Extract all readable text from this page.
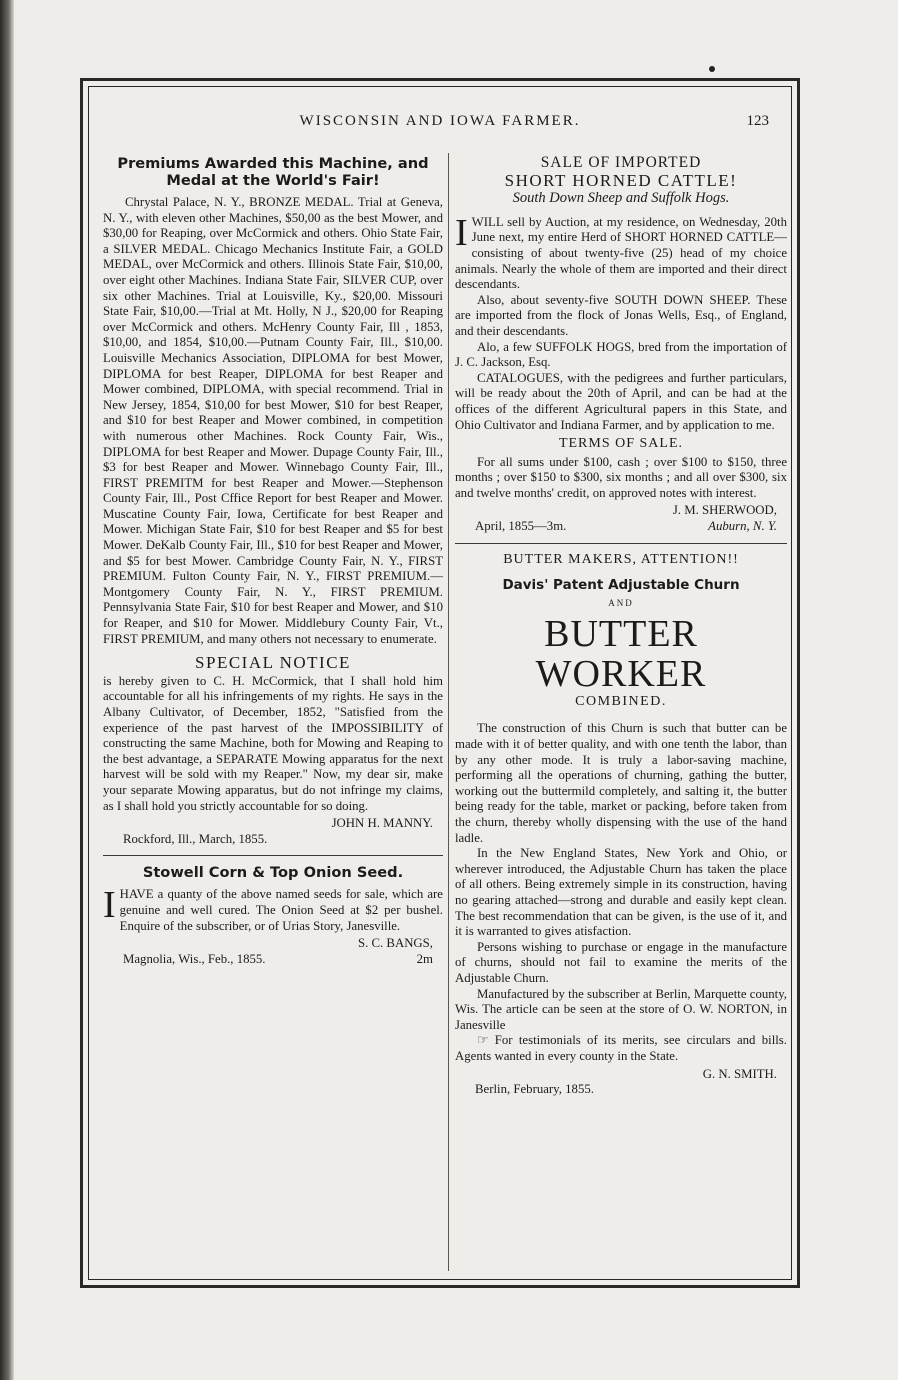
WISCONSIN AND IOWA FARMER.	123
Premiums Awarded this Machine, and Medal at the World's Fair!

Chrystal Palace, N. Y., BRONZE MEDAL. Trial at Geneva, N. Y., with eleven other Machines, $50,00 as the best Mower, and $30,00 for Reaping, over McCormick and others. Ohio State Fair, a SILVER MEDAL. Chicago Mechanics Institute Fair, a GOLD MEDAL, over McCormick and others. Illinois State Fair, $10,00, over eight other Machines. Indiana State Fair, SILVER CUP, over six other Machines. Trial at Louisville, Ky., $20,00. Missouri State Fair, $10,00.—Trial at Mt. Holly, N J., $20,00 for Reaping over McCormick and others. McHenry County Fair, Ill , 1853, $10,00, and 1854, $10,00.—Putnam County Fair, Ill., $10,00. Louisville Mechanics Association, DIPLOMA for best Mower, DIPLOMA for best Reaper, DIPLOMA for best Reaper and Mower combined, DIPLOMA, with special recommend. Trial in New Jersey, 1854, $10,00 for best Mower, $10 for best Reaper, and $10 for best Reaper and Mower combined, in competition with numerous other Machines. Rock County Fair, Wis., DIPLOMA for best Reaper and Mower. Dupage County Fair, Ill., $3 for best Reaper and Mower. Winnebago County Fair, Ill., FIRST PREMITM for best Reaper and Mower.—Stephenson County Fair, Ill., Post Cffice Report for best Reaper and Mower. Muscatine County Fair, Iowa, Certificate for best Reaper and Mower. Michigan State Fair, $10 for best Reaper and $5 for best Mower. DeKalb County Fair, Ill., $10 for best Reaper and Mower, and $5 for best Mower. Cambridge County Fair, N. Y., FIRST PREMIUM. Fulton County Fair, N. Y., FIRST PREMIUM.—Montgomery County Fair, N. Y., FIRST PREMIUM. Pennsylvania State Fair, $10 for best Reaper and Mower, and $10 for Reaper, and $10 for Mower. Middlebury County Fair, Vt., FIRST PREMIUM, and many others not necessary to enumerate.

SPECIAL NOTICE

is hereby given to C. H. McCormick, that I shall hold him accountable for all his infringements of my rights. He says in the Albany Cultivator, of December, 1852, "Satisfied from the experience of the past harvest of the IMPOSSIBILITY of constructing the same Machine, both for Mowing and Reaping to the best advantage, a SEPARATE Mowing apparatus for the next harvest will be sold with my Reaper." Now, my dear sir, make your separate Mowing apparatus, but do not infringe my claims, as I shall hold you strictly accountable for so doing.

JOHN H. MANNY.

Rockford, Ill., March, 1855.

Stowell Corn & Top Onion Seed.
I HAVE a quanty of the above named seeds for sale, which are genuine and well cured. The Onion Seed at $2 per bushel. Enquire of the subscriber, or of Urias Story, Janesville.

S. C. BANGS,

Magnolia, Wis., Feb., 1855.	2m
SALE OF IMPORTED
SHORT HORNED CATTLE!
South Down Sheep and Suffolk Hogs.
I WILL sell by Auction, at my residence, on Wednesday, 20th June next, my entire Herd of SHORT HORNED CATTLE—consisting of about twenty-five (25) head of my choice animals. Nearly the whole of them are imported and their direct descendants.

Also, about seventy-five SOUTH DOWN SHEEP. These are imported from the flock of Jonas Wells, Esq., of England, and their descendants.

Alo, a few SUFFOLK HOGS, bred from the importation of J. C. Jackson, Esq.

CATALOGUES, with the pedigrees and further particulars, will be ready about the 20th of April, and can be had at the offices of the different Agricultural papers in this State, and Ohio Cultivator and Indiana Farmer, and by application to me.

TERMS OF SALE.

For all sums under $100, cash ; over $100 to $150, three months ; over $150 to $300, six months ; and all over $300, six and twelve months' credit, on approved notes with interest.

J. M. SHERWOOD,

April, 1855—3m.	Auburn, N. Y.
BUTTER MAKERS, ATTENTION!!
Davis' Patent Adjustable Churn
AND
BUTTER WORKER
COMBINED.

The construction of this Churn is such that butter can be made with it of better quality, and with one tenth the labor, than by any other mode. It is truly a labor-saving machine, performing all the operations of churning, gathing the butter, working out the buttermild completely, and salting it, the butter being ready for the table, market or packing, before taken from the churn, thereby wholly dispensing with the use of the hand ladle.

In the New England States, New York and Ohio, or wherever introduced, the Adjustable Churn has taken the place of all others. Being extremely simple in its construction, having no gearing attached—strong and durable and easily kept clean. The best recommendation that can be given, is the use of it, and it is warranted to gives atisfaction.

Persons wishing to purchase or engage in the manufacture of churns, should not fail to examine the merits of the Adjustable Churn.

Manufactured by the subscriber at Berlin, Marquette county, Wis. The article can be seen at the store of O. W. NORTON, in Janesville

☞ For testimonials of its merits, see circulars and bills. Agents wanted in every county in the State.

G. N. SMITH.

Berlin, February, 1855.
